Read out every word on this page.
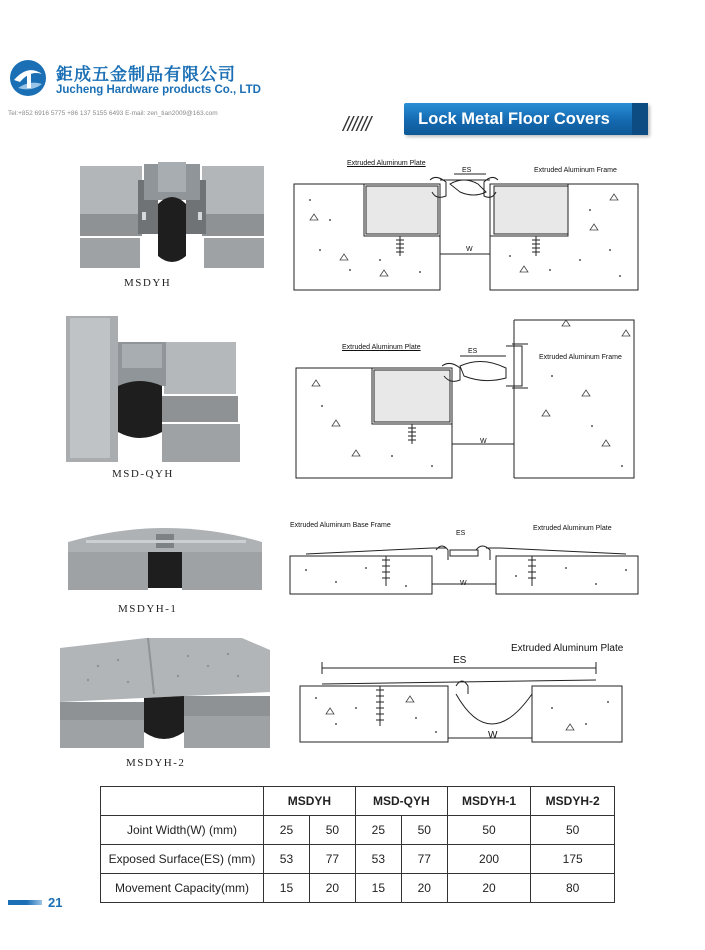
鉅成五金制品有限公司
Jucheng Hardware products Co., LTD
Tel:+852 6916 5775 +86 137 5155 6493 E-mail: zen_tian2009@163.com
//////	Lock Metal Floor Covers
MSDYH
MSD-QYH
MSDYH-1
MSDYH-2
Extruded Aluminum Plate
Extruded Aluminum Frame
ES
W
Extruded Aluminum Plate
Extruded Aluminum Frame
ES
W
Extruded Aluminum Base Frame	Extruded Aluminum Plate
ES
W
Extruded Aluminum Plate
ES
W
	MSDYH		MSD-QYH		MSDYH-1	MSDYH-2
Joint Width(W) (mm)	25	50	25	50	50	50
Exposed Surface(ES) (mm)	53	77	53	77	200	175
Movement Capacity(mm)	15	20	15	20	20	80
21
